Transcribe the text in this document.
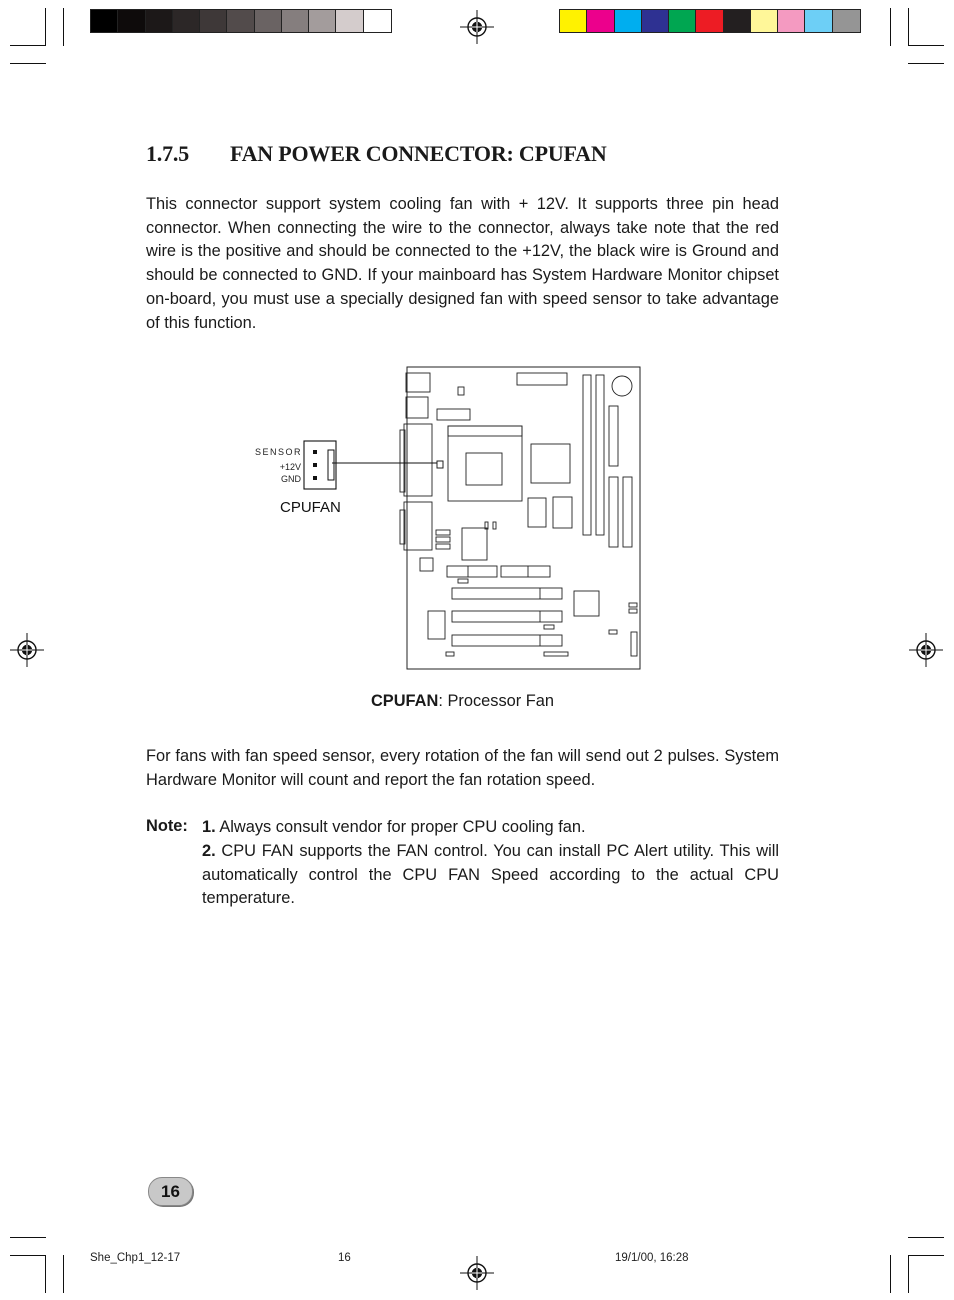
1.7.5 FAN POWER CONNECTOR: CPUFAN

This connector support system cooling fan with + 12V. It supports three pin head connector. When connecting the wire to the connector, always take note that the red wire is the positive and should be connected to the +12V, the black wire is Ground and should be connected to GND. If your mainboard has System Hardware Monitor chipset on-board, you must use a specially designed fan with speed sensor to take advantage of this function.

SENSOR
+12V
GND
CPUFAN
CPUFAN: Processor Fan

For fans with fan speed sensor, every rotation of the fan will send out 2 pulses. System Hardware Monitor will count and report the fan rotation speed.

Note: 1. Always consult vendor for proper CPU cooling fan.

2. CPU FAN supports the FAN control. You can install PC Alert utility. This will automatically control the CPU FAN Speed according to the actual CPU temperature.

16
She_Chp1_12-17	16	19/1/00, 16:28
